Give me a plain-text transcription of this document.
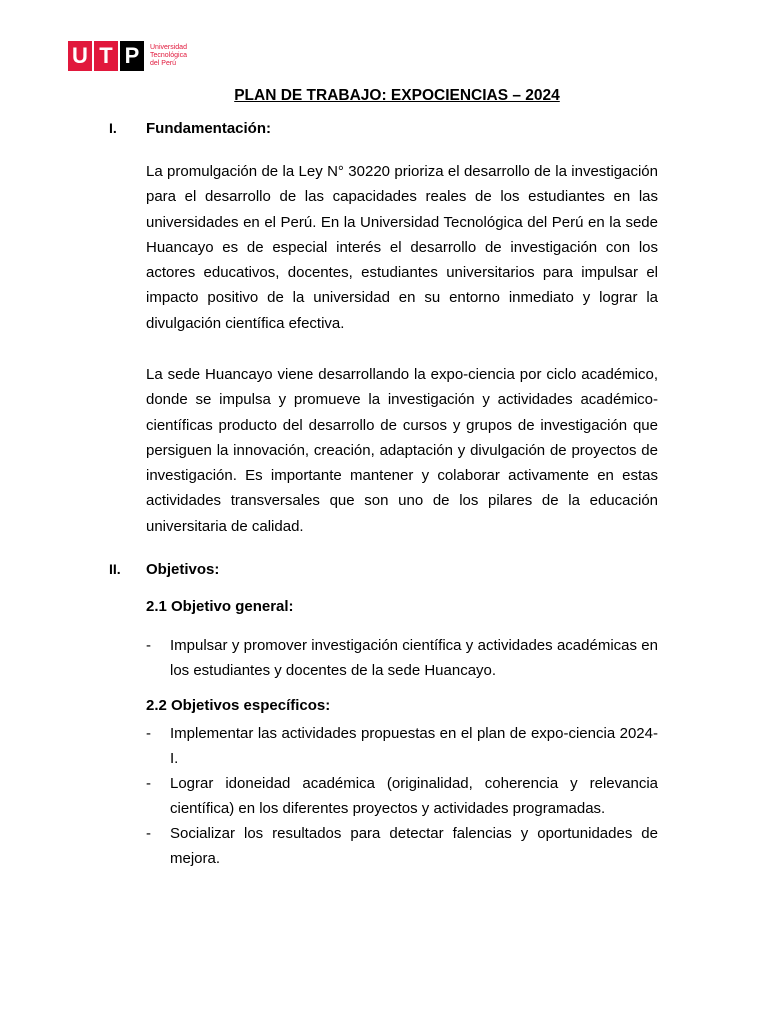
U T P	Universidad
Tecnológica
del Perú
PLAN DE TRABAJO: EXPOCIENCIAS – 2024
I. Fundamentación:
La promulgación de la Ley N° 30220 prioriza el desarrollo de la investigación para el desarrollo de las capacidades reales de los estudiantes en las universidades en el Perú. En la Universidad Tecnológica del Perú en la sede Huancayo es de especial interés el desarrollo de investigación con los actores educativos, docentes, estudiantes universitarios para impulsar el impacto positivo de la universidad en su entorno inmediato y lograr la divulgación científica efectiva.
La sede Huancayo viene desarrollando la expo-ciencia por ciclo académico, donde se impulsa y promueve la investigación y actividades académico-científicas producto del desarrollo de cursos y grupos de investigación que persiguen la innovación, creación, adaptación y divulgación de proyectos de investigación. Es importante mantener y colaborar activamente en estas actividades transversales que son uno de los pilares de la educación universitaria de calidad.
II. Objetivos:
2.1 Objetivo general:
- Impulsar y promover investigación científica y actividades académicas en los estudiantes y docentes de la sede Huancayo.
2.2 Objetivos específicos:
- Implementar las actividades propuestas en el plan de expo-ciencia 2024-I.
- Lograr idoneidad académica (originalidad, coherencia y relevancia científica) en los diferentes proyectos y actividades programadas.
- Socializar los resultados para detectar falencias y oportunidades de mejora.
